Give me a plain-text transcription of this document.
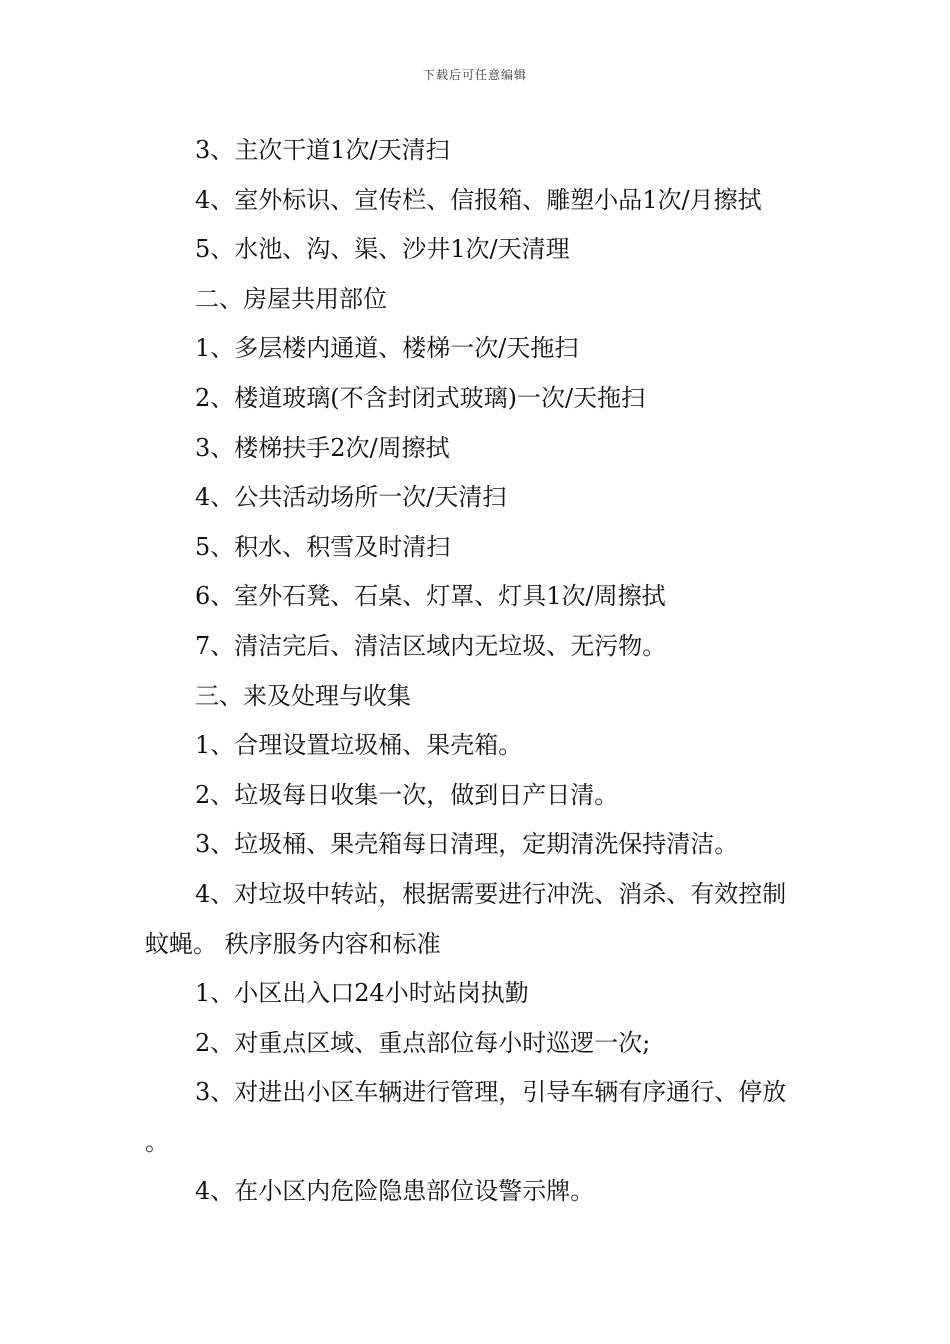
下载后可任意编辑

3、主次干道1次/天清扫

4、室外标识、宣传栏、信报箱、雕塑小品1次/月擦拭

5、水池、沟、渠、沙井1次/天清理

二、房屋共用部位

1、多层楼内通道、楼梯一次/天拖扫

2、楼道玻璃(不含封闭式玻璃)一次/天拖扫

3、楼梯扶手2次/周擦拭

4、公共活动场所一次/天清扫

5、积水、积雪及时清扫

6、室外石凳、石桌、灯罩、灯具1次/周擦拭

7、清洁完后、清洁区域内无垃圾、无污物。

三、来及处理与收集

1、合理设置垃圾桶、果壳箱。

2、垃圾每日收集一次，做到日产日清。

3、垃圾桶、果壳箱每日清理，定期清洗保持清洁。

4、对垃圾中转站，根据需要进行冲洗、消杀、有效控制蚊蝇。 秩序服务内容和标准

1、小区出入口24小时站岗执勤

2、对重点区域、重点部位每小时巡逻一次;

3、对进出小区车辆进行管理，引导车辆有序通行、停放 。

4、在小区内危险隐患部位设警示牌。
